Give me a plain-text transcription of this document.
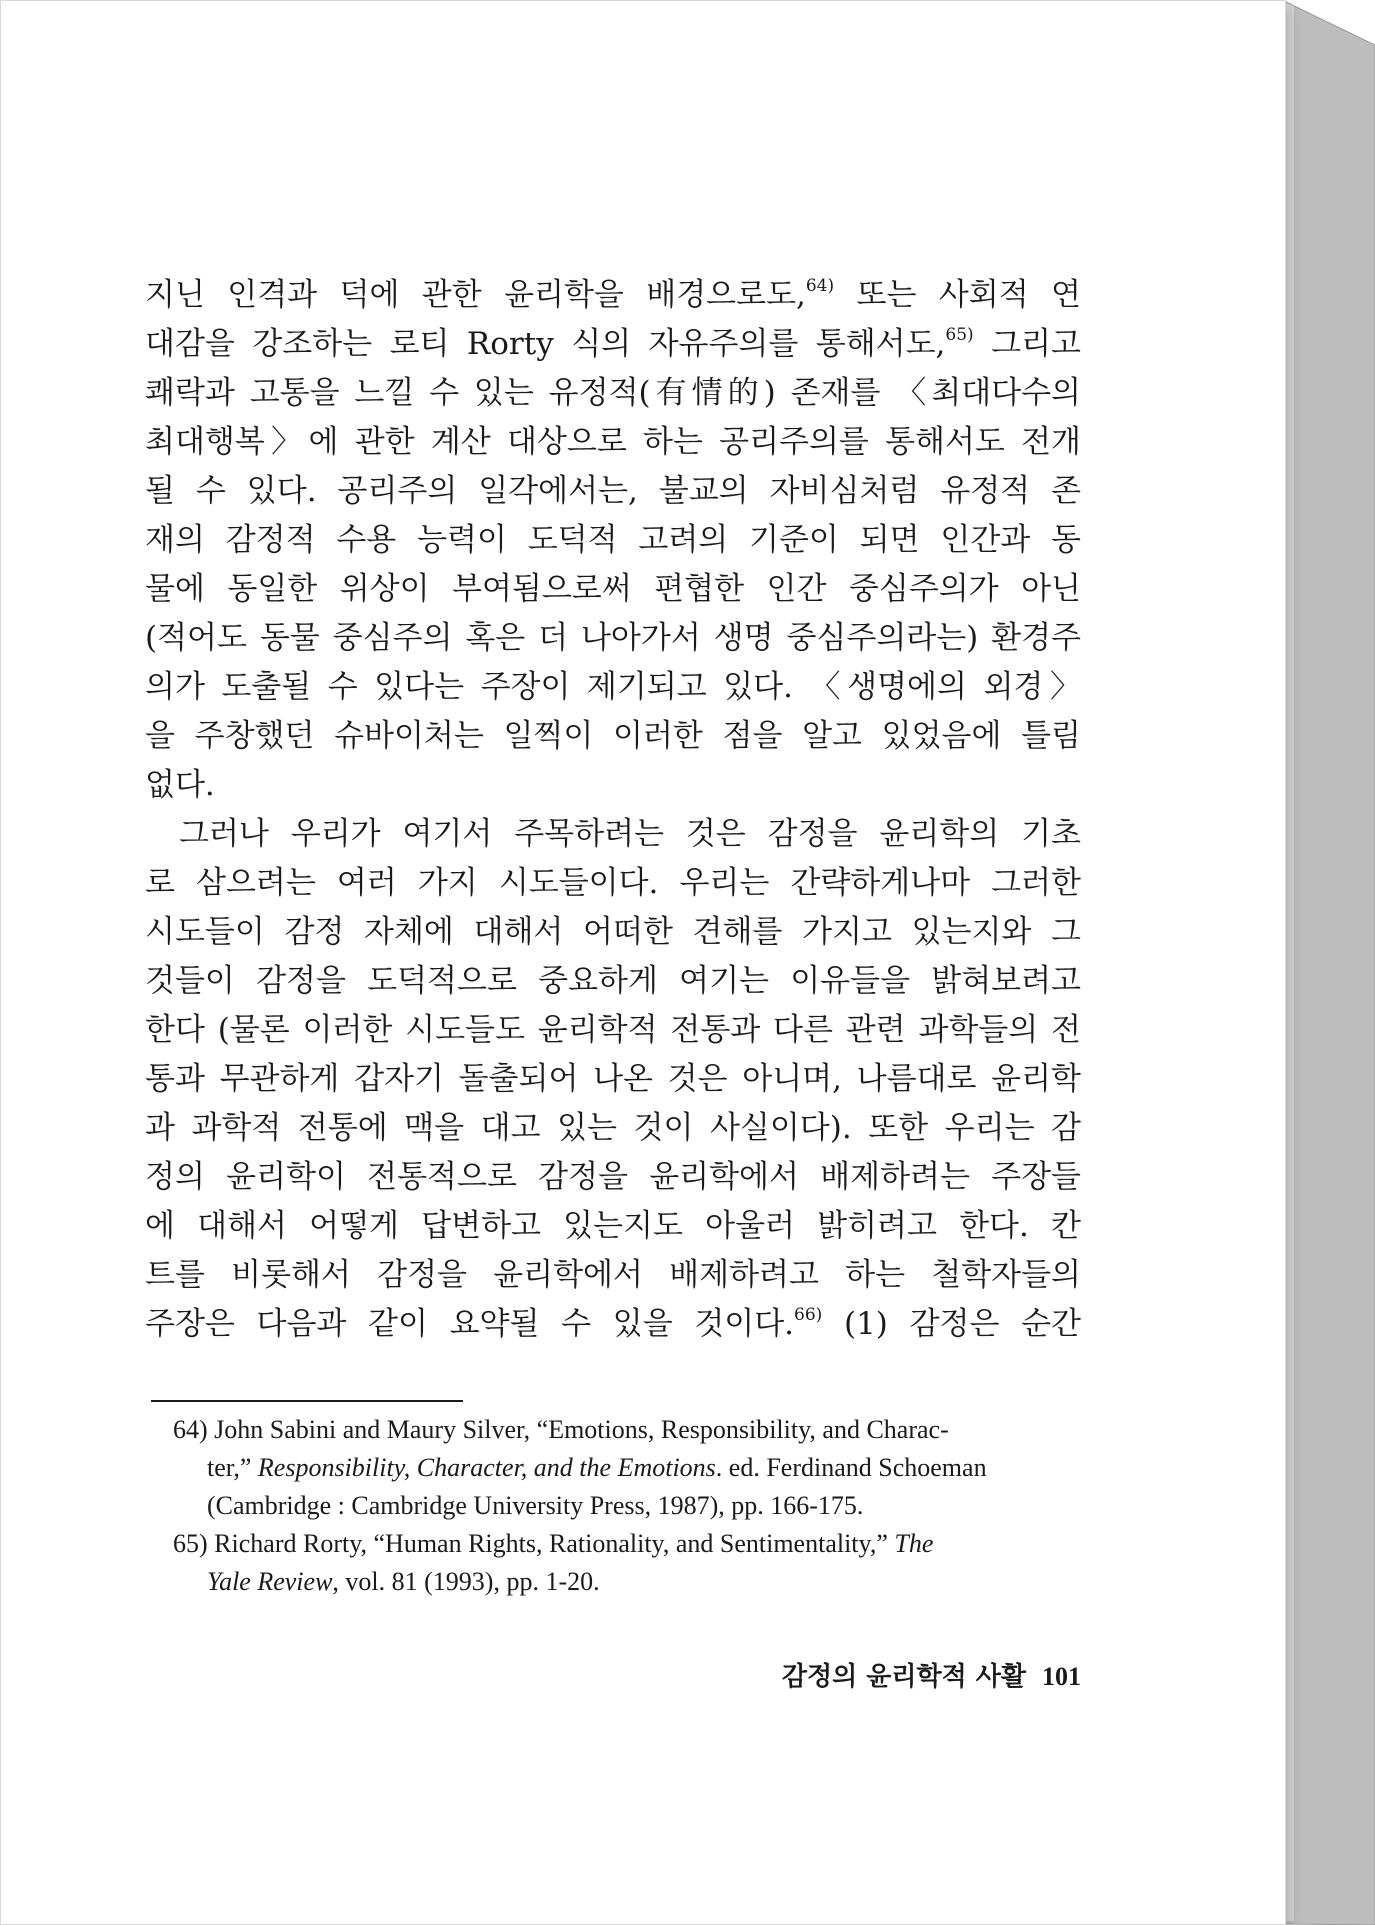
지닌 인격과 덕에 관한 윤리학을 배경으로도,$^{64)}$ 또는 사회적 연
대감을 강조하는 로티 Rorty 식의 자유주의를 통해서도,$^{65)}$ 그리고
쾌락과 고통을 느낄 수 있는 유정적(有情的) 존재를 〈최대다수의
최대행복〉에 관한 계산 대상으로 하는 공리주의를 통해서도 전개
될 수 있다. 공리주의 일각에서는, 불교의 자비심처럼 유정적 존
재의 감정적 수용 능력이 도덕적 고려의 기준이 되면 인간과 동
물에 동일한 위상이 부여됨으로써 편협한 인간 중심주의가 아닌
(적어도 동물 중심주의 혹은 더 나아가서 생명 중심주의라는) 환경주
의가 도출될 수 있다는 주장이 제기되고 있다. 〈생명에의 외경〉
을 주창했던 슈바이처는 일찍이 이러한 점을 알고 있었음에 틀림
없다.
그러나 우리가 여기서 주목하려는 것은 감정을 윤리학의 기초
로 삼으려는 여러 가지 시도들이다. 우리는 간략하게나마 그러한
시도들이 감정 자체에 대해서 어떠한 견해를 가지고 있는지와 그
것들이 감정을 도덕적으로 중요하게 여기는 이유들을 밝혀보려고
한다 (물론 이러한 시도들도 윤리학적 전통과 다른 관련 과학들의 전
통과 무관하게 갑자기 돌출되어 나온 것은 아니며, 나름대로 윤리학
과 과학적 전통에 맥을 대고 있는 것이 사실이다). 또한 우리는 감
정의 윤리학이 전통적으로 감정을 윤리학에서 배제하려는 주장들
에 대해서 어떻게 답변하고 있는지도 아울러 밝히려고 한다. 칸
트를 비롯해서 감정을 윤리학에서 배제하려고 하는 철학자들의
주장은 다음과 같이 요약될 수 있을 것이다.$^{66)}$ (1) 감정은 순간
64) John Sabini and Maury Silver, “Emotions, Responsibility, and Charac-
ter,” Responsibility, Character, and the Emotions. ed. Ferdinand Schoeman
(Cambridge : Cambridge University Press, 1987), pp. 166-175.
65) Richard Rorty, “Human Rights, Rationality, and Sentimentality,” The
Yale Review, vol. 81 (1993), pp. 1-20.
감정의 윤리학적 사활 101
